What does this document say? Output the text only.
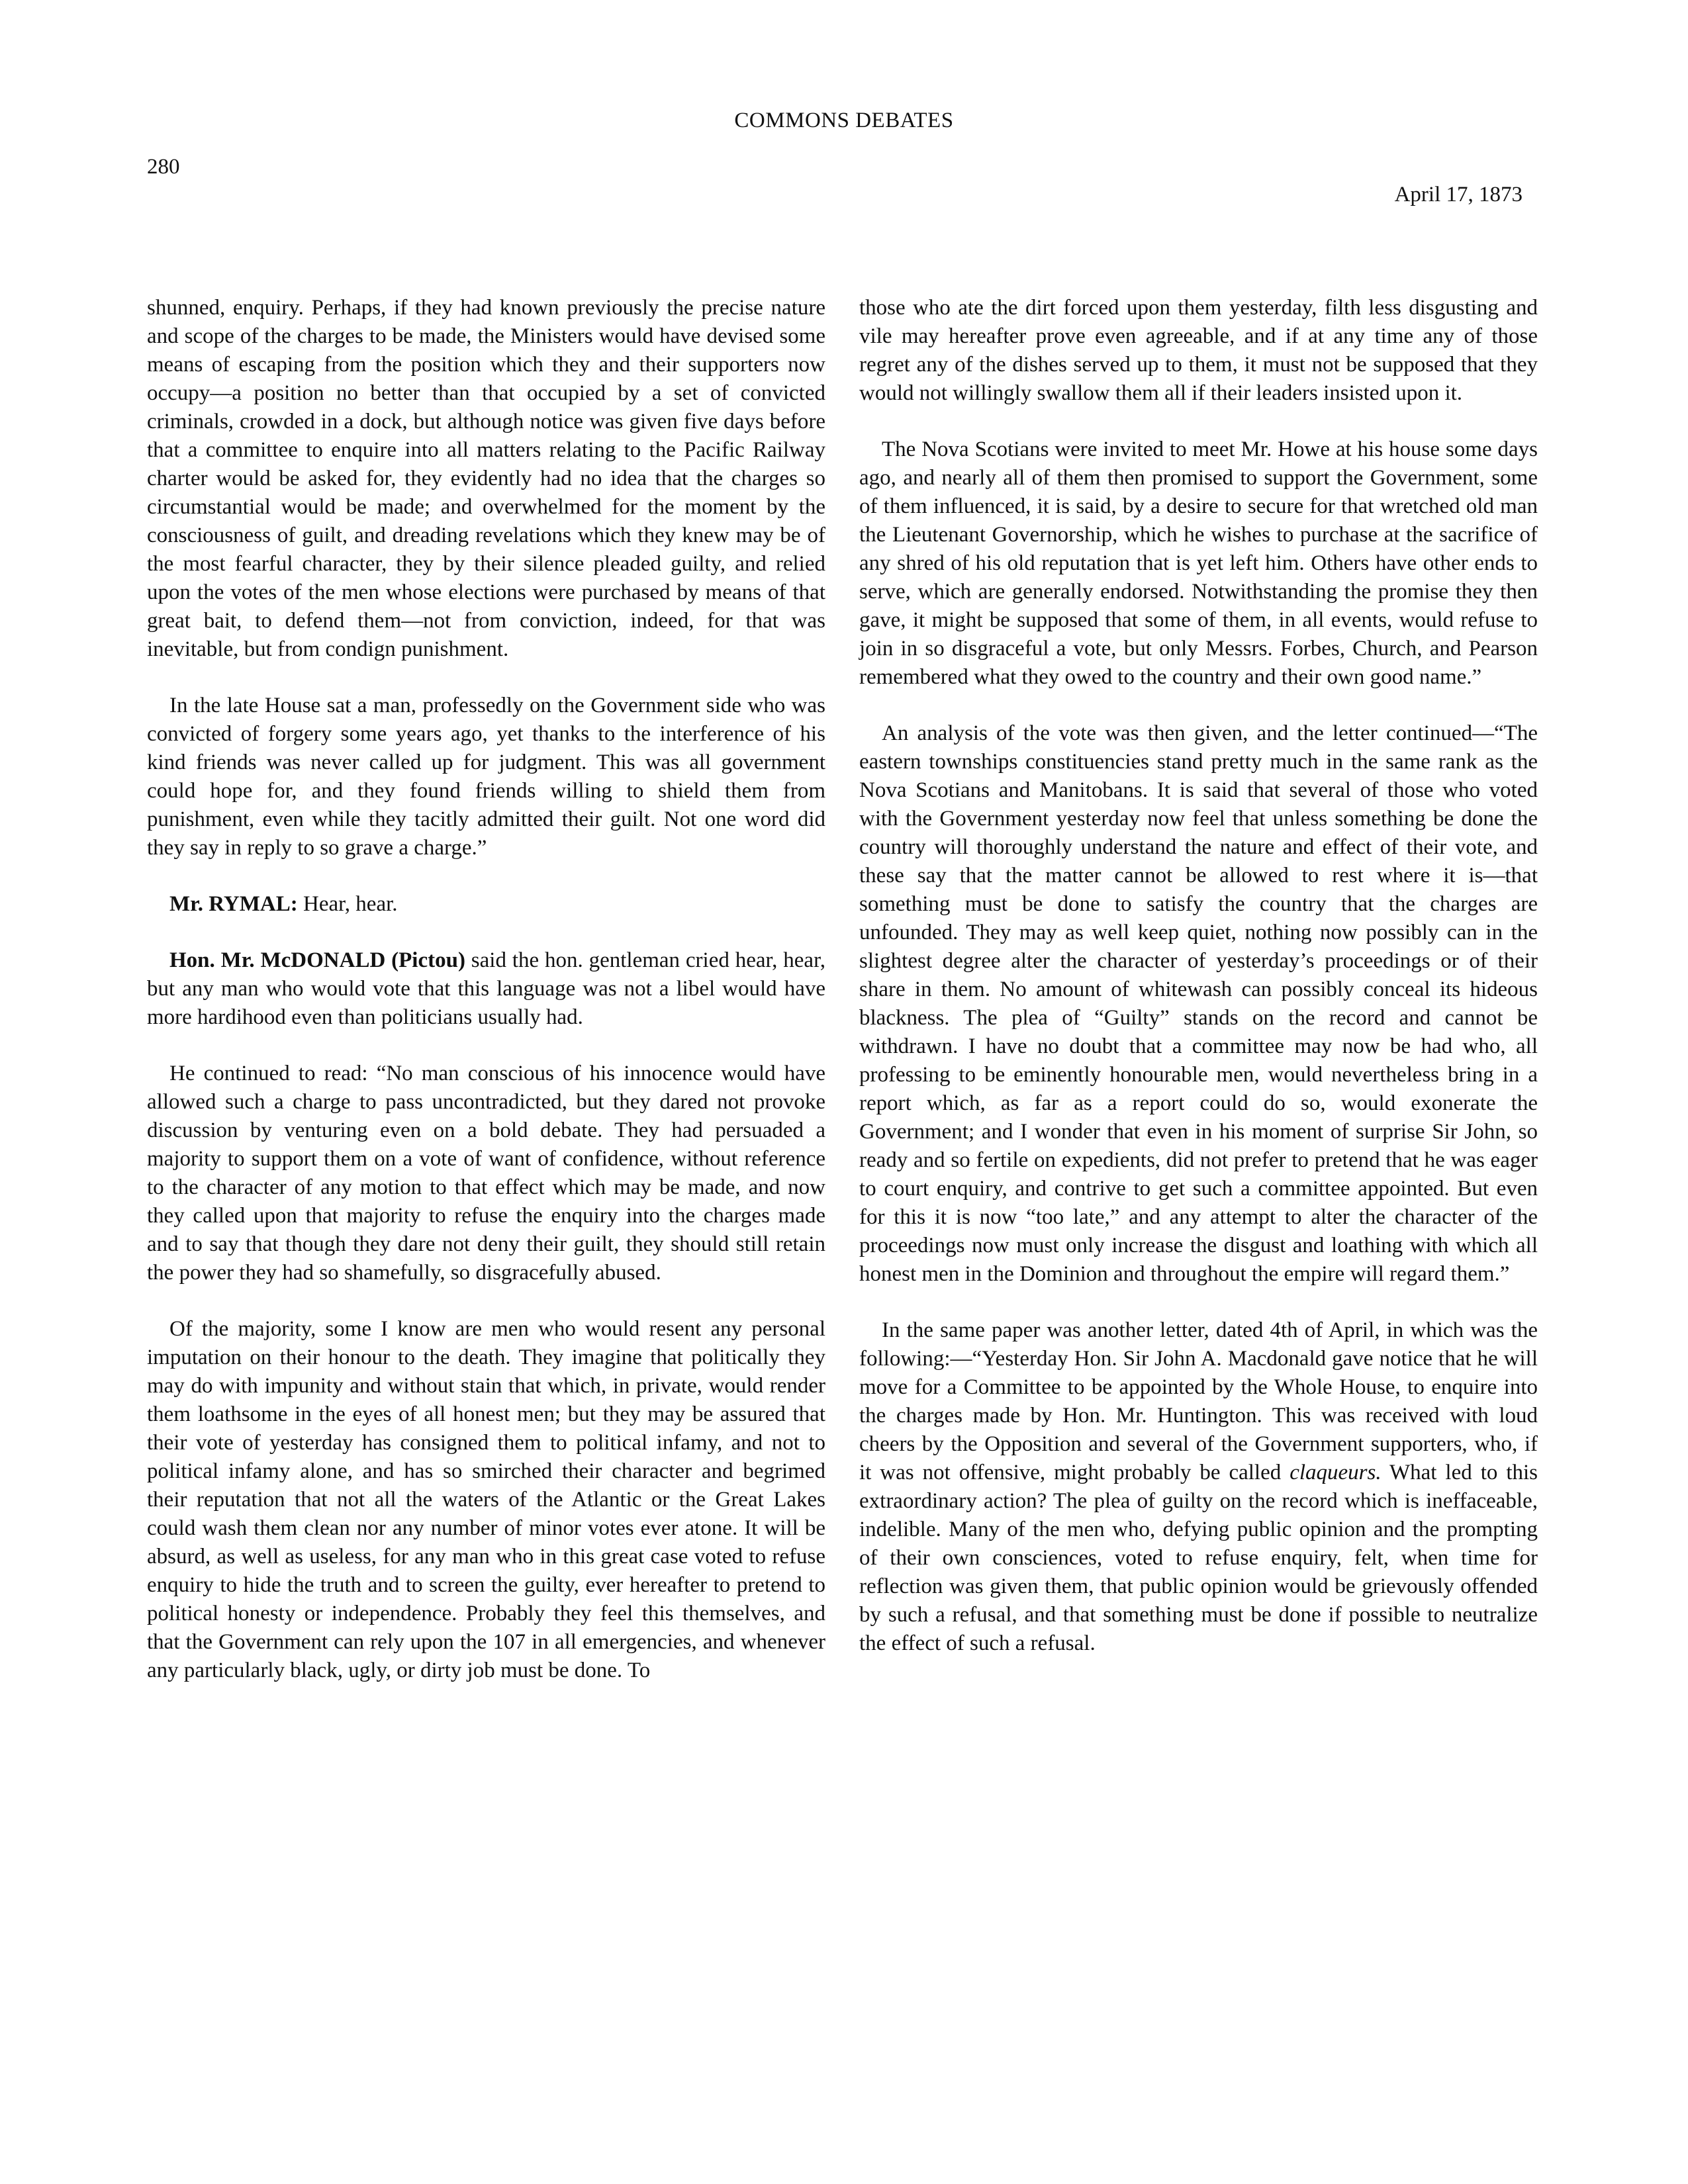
COMMONS DEBATES
280
April 17, 1873

shunned, enquiry. Perhaps, if they had known previously the precise nature and scope of the charges to be made, the Ministers would have devised some means of escaping from the position which they and their supporters now occupy—a position no better than that occupied by a set of convicted criminals, crowded in a dock, but although notice was given five days before that a committee to enquire into all matters relating to the Pacific Railway charter would be asked for, they evidently had no idea that the charges so circumstantial would be made; and overwhelmed for the moment by the consciousness of guilt, and dreading revelations which they knew may be of the most fearful character, they by their silence pleaded guilty, and relied upon the votes of the men whose elections were purchased by means of that great bait, to defend them—not from conviction, indeed, for that was inevitable, but from condign punishment.

In the late House sat a man, professedly on the Government side who was convicted of forgery some years ago, yet thanks to the interference of his kind friends was never called up for judgment. This was all government could hope for, and they found friends willing to shield them from punishment, even while they tacitly admitted their guilt. Not one word did they say in reply to so grave a charge.”

Mr. RYMAL: Hear, hear.

Hon. Mr. McDONALD (Pictou) said the hon. gentleman cried hear, hear, but any man who would vote that this language was not a libel would have more hardihood even than politicians usually had.

He continued to read: “No man conscious of his innocence would have allowed such a charge to pass uncontradicted, but they dared not provoke discussion by venturing even on a bold debate. They had persuaded a majority to support them on a vote of want of confidence, without reference to the character of any motion to that effect which may be made, and now they called upon that majority to refuse the enquiry into the charges made and to say that though they dare not deny their guilt, they should still retain the power they had so shamefully, so disgracefully abused.

Of the majority, some I know are men who would resent any personal imputation on their honour to the death. They imagine that politically they may do with impunity and without stain that which, in private, would render them loathsome in the eyes of all honest men; but they may be assured that their vote of yesterday has consigned them to political infamy, and not to political infamy alone, and has so smirched their character and begrimed their reputation that not all the waters of the Atlantic or the Great Lakes could wash them clean nor any number of minor votes ever atone. It will be absurd, as well as useless, for any man who in this great case voted to refuse enquiry to hide the truth and to screen the guilty, ever hereafter to pretend to political honesty or independence. Probably they feel this themselves, and that the Government can rely upon the 107 in all emergencies, and whenever any particularly black, ugly, or dirty job must be done. To

those who ate the dirt forced upon them yesterday, filth less disgusting and vile may hereafter prove even agreeable, and if at any time any of those regret any of the dishes served up to them, it must not be supposed that they would not willingly swallow them all if their leaders insisted upon it.

The Nova Scotians were invited to meet Mr. Howe at his house some days ago, and nearly all of them then promised to support the Government, some of them influenced, it is said, by a desire to secure for that wretched old man the Lieutenant Governorship, which he wishes to purchase at the sacrifice of any shred of his old reputation that is yet left him. Others have other ends to serve, which are generally endorsed. Notwithstanding the promise they then gave, it might be supposed that some of them, in all events, would refuse to join in so disgraceful a vote, but only Messrs. Forbes, Church, and Pearson remembered what they owed to the country and their own good name.”

An analysis of the vote was then given, and the letter continued—“The eastern townships constituencies stand pretty much in the same rank as the Nova Scotians and Manitobans. It is said that several of those who voted with the Government yesterday now feel that unless something be done the country will thoroughly understand the nature and effect of their vote, and these say that the matter cannot be allowed to rest where it is—that something must be done to satisfy the country that the charges are unfounded. They may as well keep quiet, nothing now possibly can in the slightest degree alter the character of yesterday’s proceedings or of their share in them. No amount of whitewash can possibly conceal its hideous blackness. The plea of “Guilty” stands on the record and cannot be withdrawn. I have no doubt that a committee may now be had who, all professing to be eminently honourable men, would nevertheless bring in a report which, as far as a report could do so, would exonerate the Government; and I wonder that even in his moment of surprise Sir John, so ready and so fertile on expedients, did not prefer to pretend that he was eager to court enquiry, and contrive to get such a committee appointed. But even for this it is now “too late,” and any attempt to alter the character of the proceedings now must only increase the disgust and loathing with which all honest men in the Dominion and throughout the empire will regard them.”

In the same paper was another letter, dated 4th of April, in which was the following:—“Yesterday Hon. Sir John A. Macdonald gave notice that he will move for a Committee to be appointed by the Whole House, to enquire into the charges made by Hon. Mr. Huntington. This was received with loud cheers by the Opposition and several of the Government supporters, who, if it was not offensive, might probably be called claqueurs. What led to this extraordinary action? The plea of guilty on the record which is ineffaceable, indelible. Many of the men who, defying public opinion and the prompting of their own consciences, voted to refuse enquiry, felt, when time for reflection was given them, that public opinion would be grievously offended by such a refusal, and that something must be done if possible to neutralize the effect of such a refusal.
